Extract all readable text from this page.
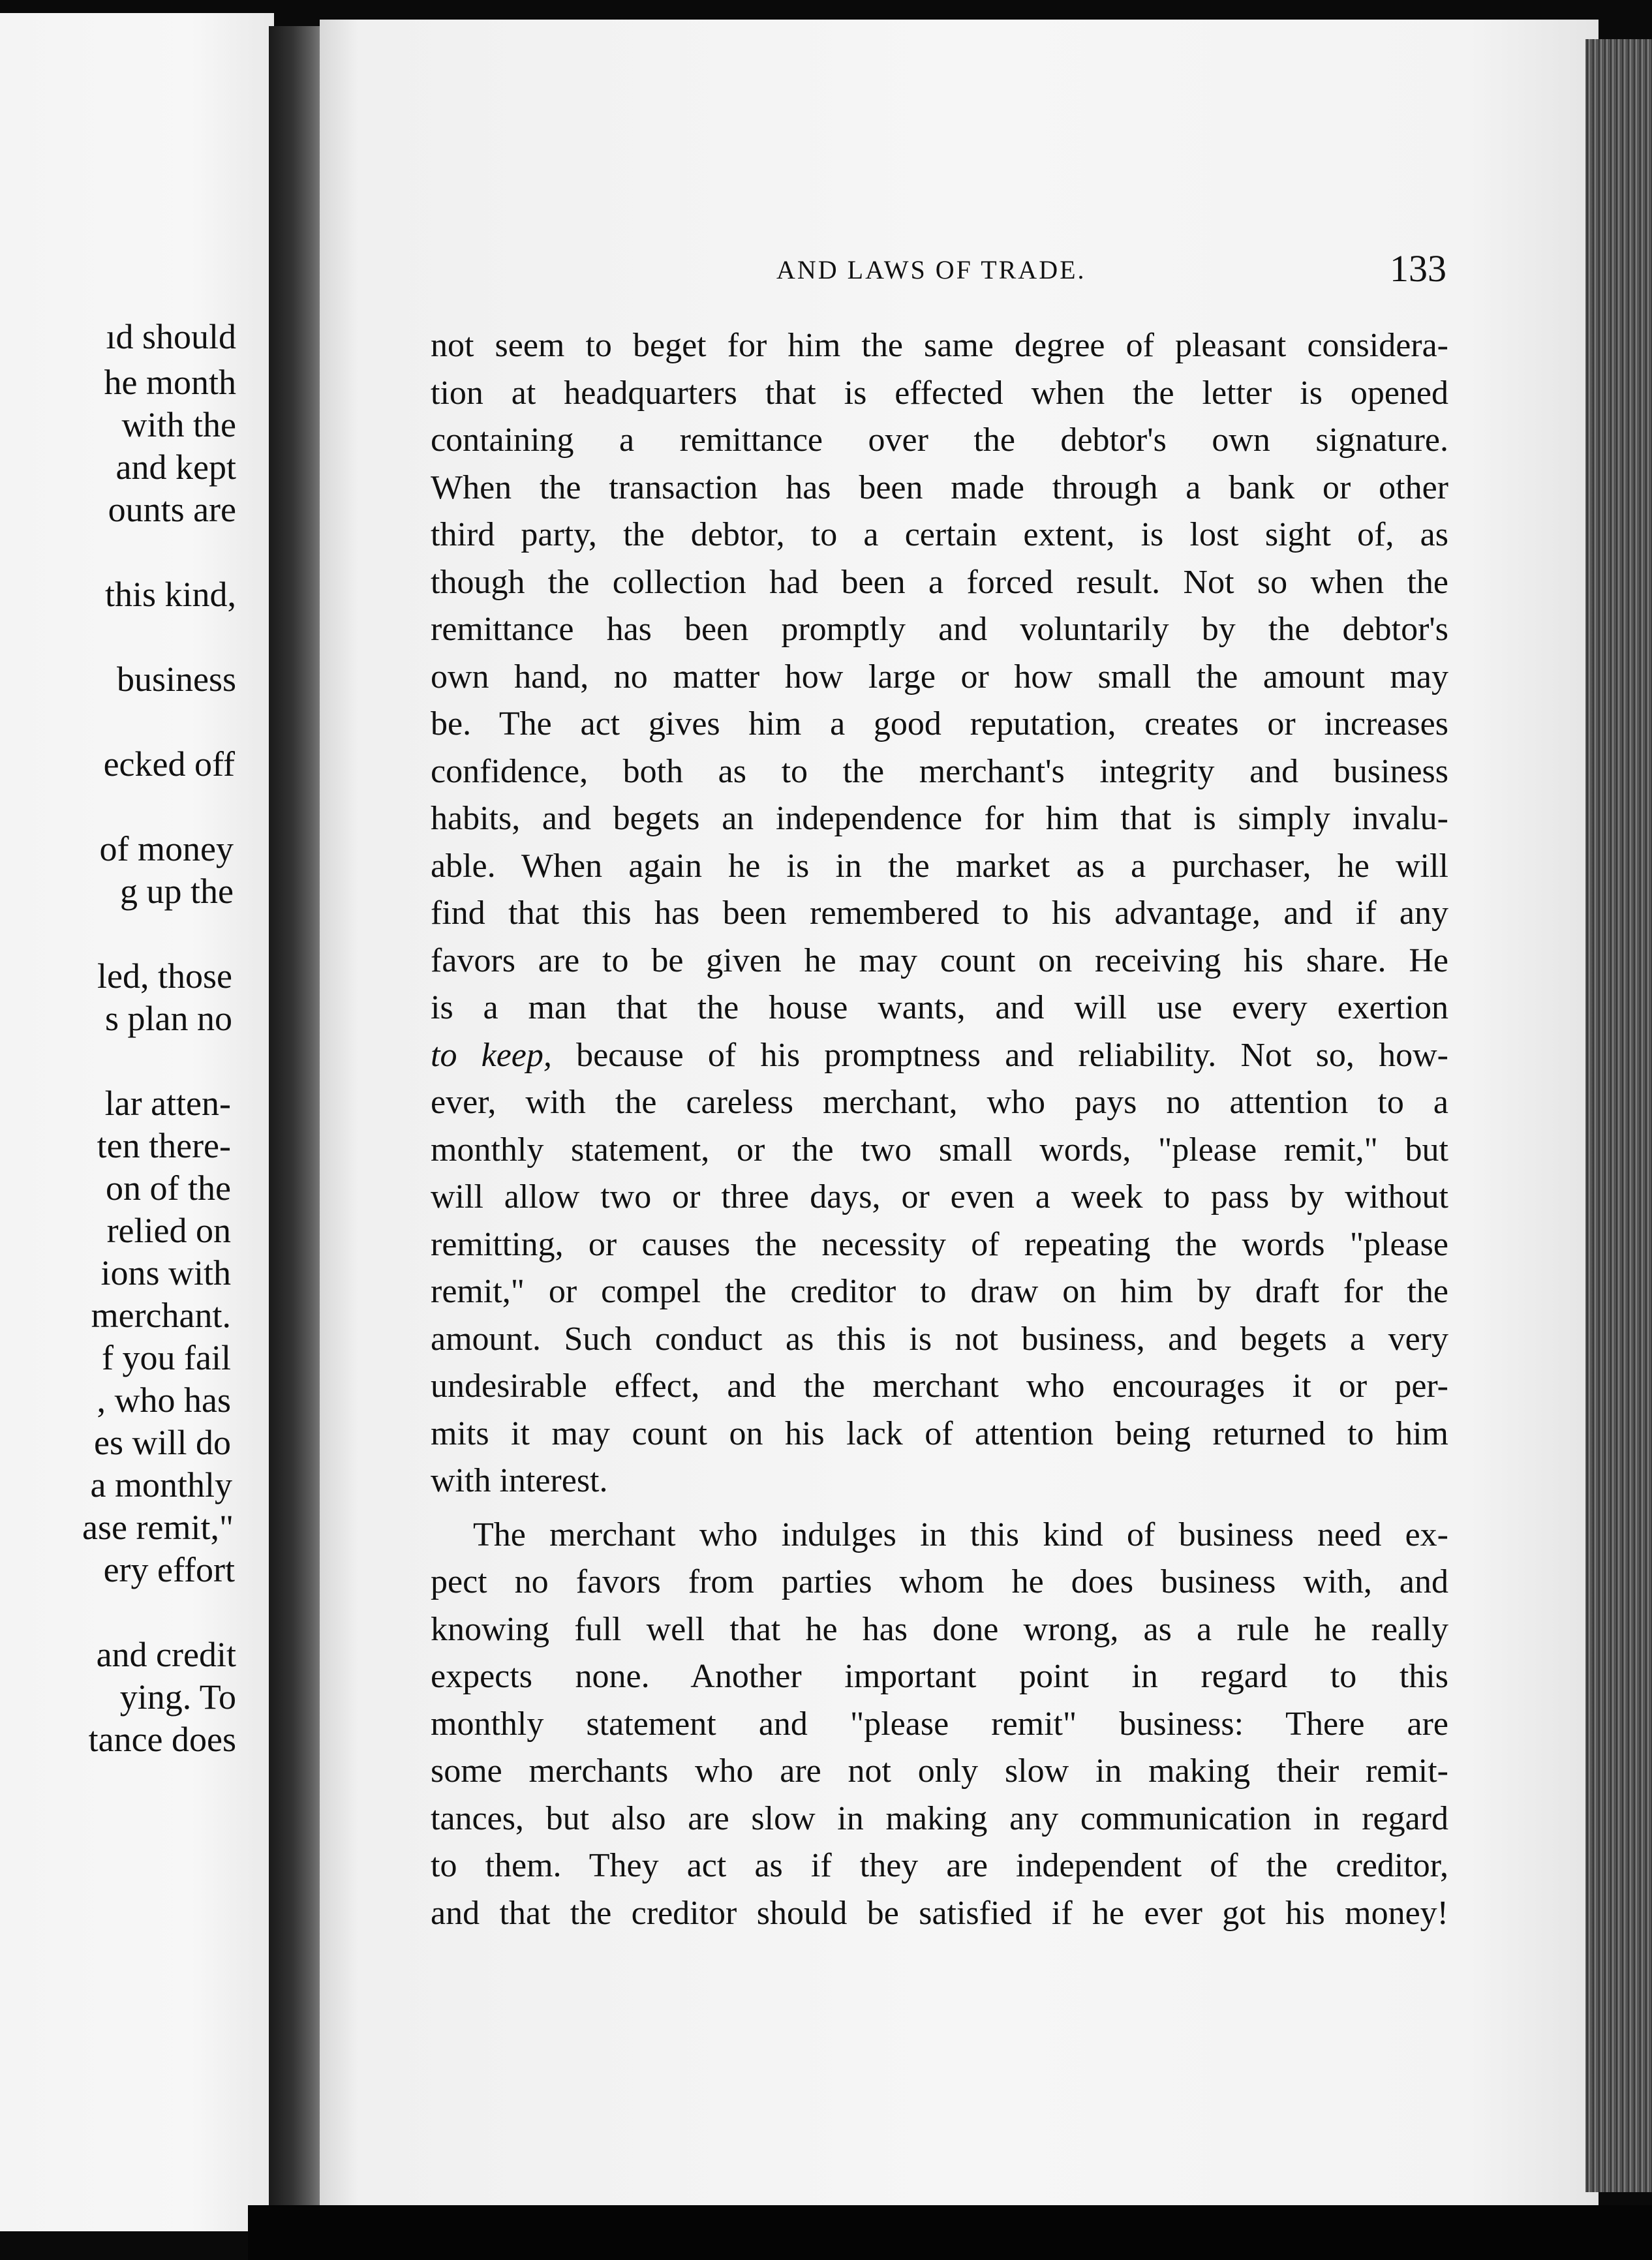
ıd should
he month
with the
and kept
ounts are
this kind,
business
ecked off
of money
g up the
led, those
s plan no
lar atten-
ten there-
on of the
relied on
ions with
merchant.
f you fail
, who has
es will do
a monthly
ase remit,"
ery effort
and credit
ying. To
tance does
AND LAWS OF TRADE.	133
not seem to beget for him the same degree of pleasant considera-
tion at headquarters that is effected when the letter is opened
containing a remittance over the debtor's own signature.
When the transaction has been made through a bank or other
third party, the debtor, to a certain extent, is lost sight of, as
though the collection had been a forced result. Not so when the
remittance has been promptly and voluntarily by the debtor's
own hand, no matter how large or how small the amount may
be. The act gives him a good reputation, creates or increases
confidence, both as to the merchant's integrity and business
habits, and begets an independence for him that is simply invalu-
able. When again he is in the market as a purchaser, he will
find that this has been remembered to his advantage, and if any
favors are to be given he may count on receiving his share. He
is a man that the house wants, and will use every exertion
to keep, because of his promptness and reliability. Not so, how-
ever, with the careless merchant, who pays no attention to a
monthly statement, or the two small words, "please remit," but
will allow two or three days, or even a week to pass by without
remitting, or causes the necessity of repeating the words "please
remit," or compel the creditor to draw on him by draft for the
amount. Such conduct as this is not business, and begets a very
undesirable effect, and the merchant who encourages it or per-
mits it may count on his lack of attention being returned to him
with interest.
The merchant who indulges in this kind of business need ex-
pect no favors from parties whom he does business with, and
knowing full well that he has done wrong, as a rule he really
expects none. Another important point in regard to this
monthly statement and "please remit" business: There are
some merchants who are not only slow in making their remit-
tances, but also are slow in making any communication in regard
to them. They act as if they are independent of the creditor,
and that the creditor should be satisfied if he ever got his money!
